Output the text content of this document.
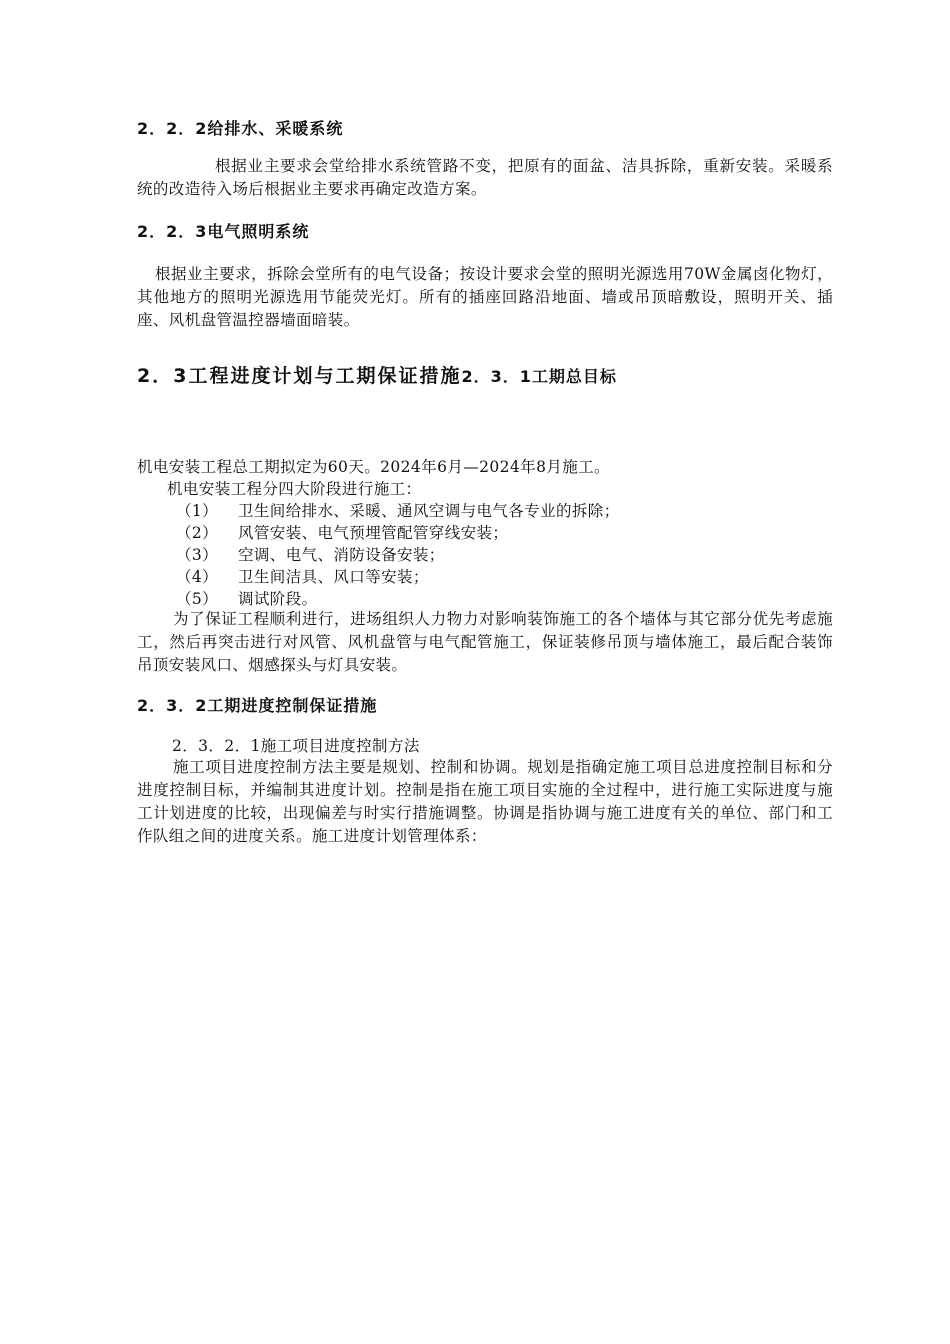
2．2．2给排水、采暖系统

根据业主要求会堂给排水系统管路不变，把原有的面盆、洁具拆除，重新安装。采暖系统的改造待入场后根据业主要求再确定改造方案。

2．2．3电气照明系统

根据业主要求，拆除会堂所有的电气设备；按设计要求会堂的照明光源选用70W金属卤化物灯，其他地方的照明光源选用节能荧光灯。所有的插座回路沿地面、墙或吊顶暗敷设，照明开关、插座、风机盘管温控器墙面暗装。

2．3工程进度计划与工期保证措施2．3．1工期总目标

机电安装工程总工期拟定为60天。2024年6月—2024年8月施工。

机电安装工程分四大阶段进行施工：

（1） 卫生间给排水、采暖、通风空调与电气各专业的拆除；
（2） 风管安装、电气预埋管配管穿线安装；
（3） 空调、电气、消防设备安装；
（4） 卫生间洁具、风口等安装；
（5） 调试阶段。

为了保证工程顺利进行，进场组织人力物力对影响装饰施工的各个墙体与其它部分优先考虑施工，然后再突击进行对风管、风机盘管与电气配管施工，保证装修吊顶与墙体施工，最后配合装饰吊顶安装风口、烟感探头与灯具安装。

2．3．2工期进度控制保证措施

2．3．2．1施工项目进度控制方法

施工项目进度控制方法主要是规划、控制和协调。规划是指确定施工项目总进度控制目标和分进度控制目标，并编制其进度计划。控制是指在施工项目实施的全过程中，进行施工实际进度与施工计划进度的比较，出现偏差与时实行措施调整。协调是指协调与施工进度有关的单位、部门和工作队组之间的进度关系。施工进度计划管理体系：
